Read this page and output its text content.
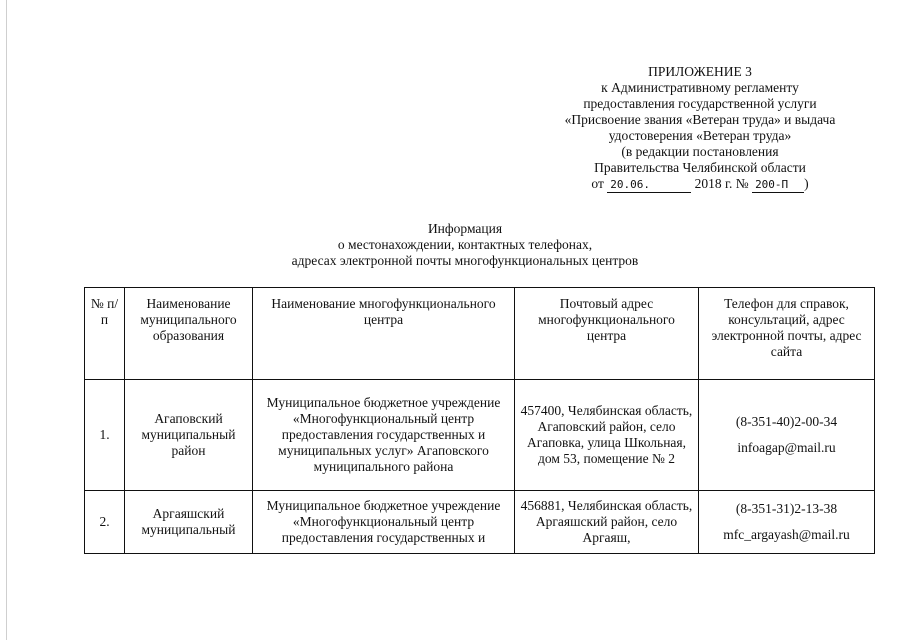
ПРИЛОЖЕНИЕ 3
к Административному регламенту
предоставления государственной услуги
«Присвоение звания «Ветеран труда» и выдача
удостоверения «Ветеран труда»
(в редакции постановления
Правительства Челябинской области
от 20.06.	2018 г. № 200-П )
Информация
о местонахождении, контактных телефонах,
адресах электронной почты многофункциональных центров
№ п/п	Наименование муниципального образования	Наименование многофункционального центра	Почтовый адрес многофункционального центра	Телефон для справок, консультаций, адрес электронной почты, адрес сайта
1.	Агаповский муниципальный район	Муниципальное бюджетное учреждение «Многофункциональный центр предоставления государственных и муниципальных услуг» Агаповского муниципального района	457400, Челябинская область, Агаповский район, село Агаповка, улица Школьная, дом 53, помещение № 2	(8-351-40)2-00-34
infoagap@mail.ru

2.	Аргаяшский муниципальный	Муниципальное бюджетное учреждение «Многофункциональный центр предоставления государственных и	456881, Челябинская область, Аргаяшский район, село Аргаяш,	(8-351-31)2-13-38
mfc_argayash@mail.ru
